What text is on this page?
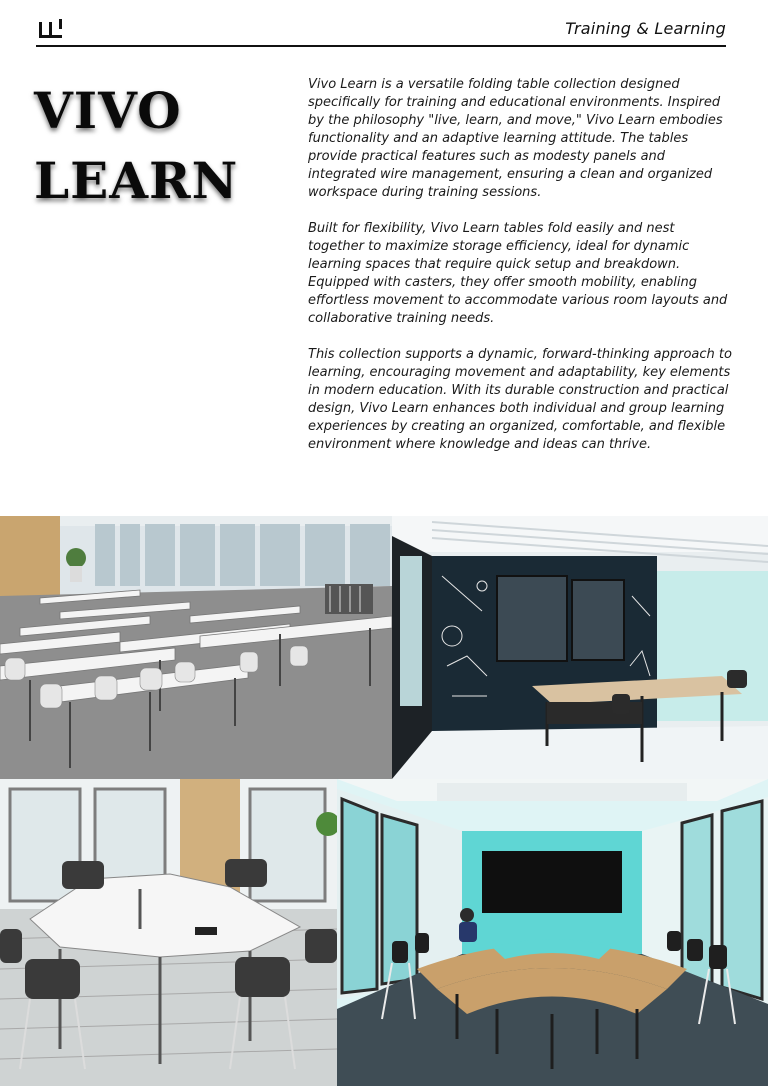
Training & Learning
VIVO
LEARN

Vivo Learn is a versatile folding table collection designed specifically for training and educational environments. Inspired by the philosophy "live, learn, and move," Vivo Learn embodies functionality and an adaptive learning attitude. The tables provide practical features such as modesty panels and integrated wire management, ensuring a clean and organized workspace during training sessions.

Built for flexibility, Vivo Learn tables fold easily and nest together to maximize storage efficiency, ideal for dynamic learning spaces that require quick setup and breakdown. Equipped with casters, they offer smooth mobility, enabling effortless movement to accommodate various room layouts and collaborative training needs.

This collection supports a dynamic, forward-thinking approach to learning, encouraging movement and adaptability, key elements in modern education. With its durable construction and practical design, Vivo Learn enhances both individual and group learning experiences by creating an organized, comfortable, and flexible environment where knowledge and ideas can thrive.
